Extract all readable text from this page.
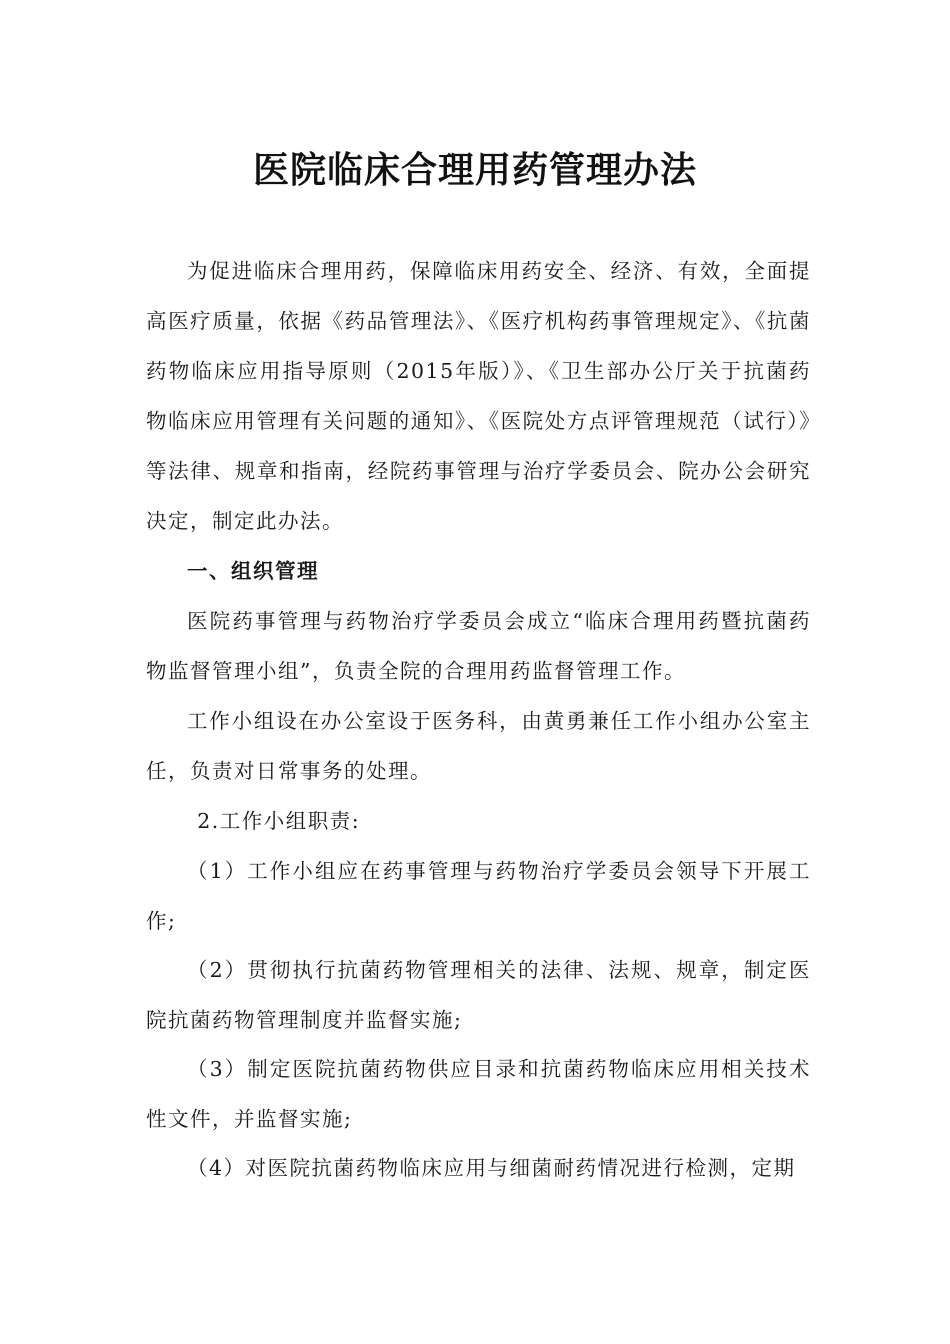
医院临床合理用药管理办法
为促进临床合理用药，保障临床用药安全、经济、有效，全面提高医疗质量，依据《药品管理法》、《医疗机构药事管理规定》、《抗菌药物临床应用指导原则（2015年版）》、《卫生部办公厅关于抗菌药物临床应用管理有关问题的通知》、《医院处方点评管理规范（试行）》等法律、规章和指南，经院药事管理与治疗学委员会、院办公会研究决定，制定此办法。
一、组织管理
医院药事管理与药物治疗学委员会成立“临床合理用药暨抗菌药物监督管理小组”，负责全院的合理用药监督管理工作。
工作小组设在办公室设于医务科，由黄勇兼任工作小组办公室主任，负责对日常事务的处理。
2.工作小组职责:
（1）工作小组应在药事管理与药物治疗学委员会领导下开展工作;
（2）贯彻执行抗菌药物管理相关的法律、法规、规章，制定医院抗菌药物管理制度并监督实施;
（3）制定医院抗菌药物供应目录和抗菌药物临床应用相关技术性文件，并监督实施;
（4）对医院抗菌药物临床应用与细菌耐药情况进行检测，定期
